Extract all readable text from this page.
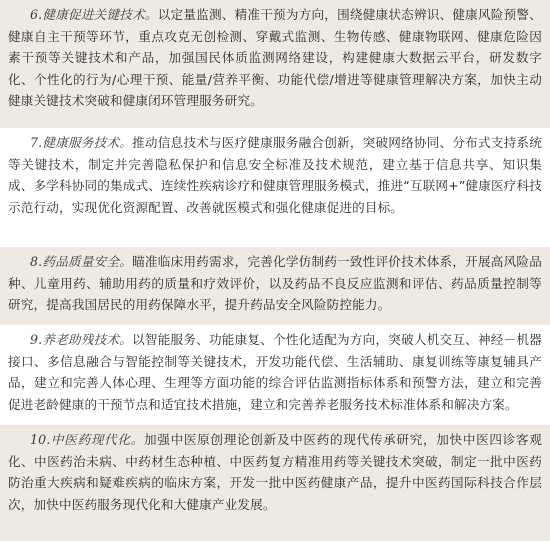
6.健康促进关键技术。以定量监测、精准干预为方向，围绕健康状态辨识、健康风险预警、健康自主干预等环节，重点攻克无创检测、穿戴式监测、生物传感、健康物联网、健康危险因素干预等关键技术和产品，加强国民体质监测网络建设，构建健康大数据云平台，研发数字化、个性化的行为/心理干预、能量/营养平衡、功能代偿/增进等健康管理解决方案，加快主动健康关键技术突破和健康闭环管理服务研究。
7.健康服务技术。推动信息技术与医疗健康服务融合创新，突破网络协同、分布式支持系统等关键技术，制定并完善隐私保护和信息安全标准及技术规范，建立基于信息共享、知识集成、多学科协同的集成式、连续性疾病诊疗和健康管理服务模式，推进“互联网+”健康医疗科技示范行动，实现优化资源配置、改善就医模式和强化健康促进的目标。
8.药品质量安全。瞄准临床用药需求，完善化学仿制药一致性评价技术体系，开展高风险品种、儿童用药、辅助用药的质量和疗效评价，以及药品不良反应监测和评估、药品质量控制等研究，提高我国居民的用药保障水平，提升药品安全风险防控能力。
9.养老助残技术。以智能服务、功能康复、个性化适配为方向，突破人机交互、神经－机器接口、多信息融合与智能控制等关键技术，开发功能代偿、生活辅助、康复训练等康复辅具产品，建立和完善人体心理、生理等方面功能的综合评估监测指标体系和预警方法，建立和完善促进老龄健康的干预节点和适宜技术措施，建立和完善养老服务技术标准体系和解决方案。
10.中医药现代化。加强中医原创理论创新及中医药的现代传承研究，加快中医四诊客观化、中医药治未病、中药材生态种植、中医药复方精准用药等关键技术突破，制定一批中医药防治重大疾病和疑难疾病的临床方案，开发一批中医药健康产品，提升中医药国际科技合作层次，加快中医药服务现代化和大健康产业发展。
